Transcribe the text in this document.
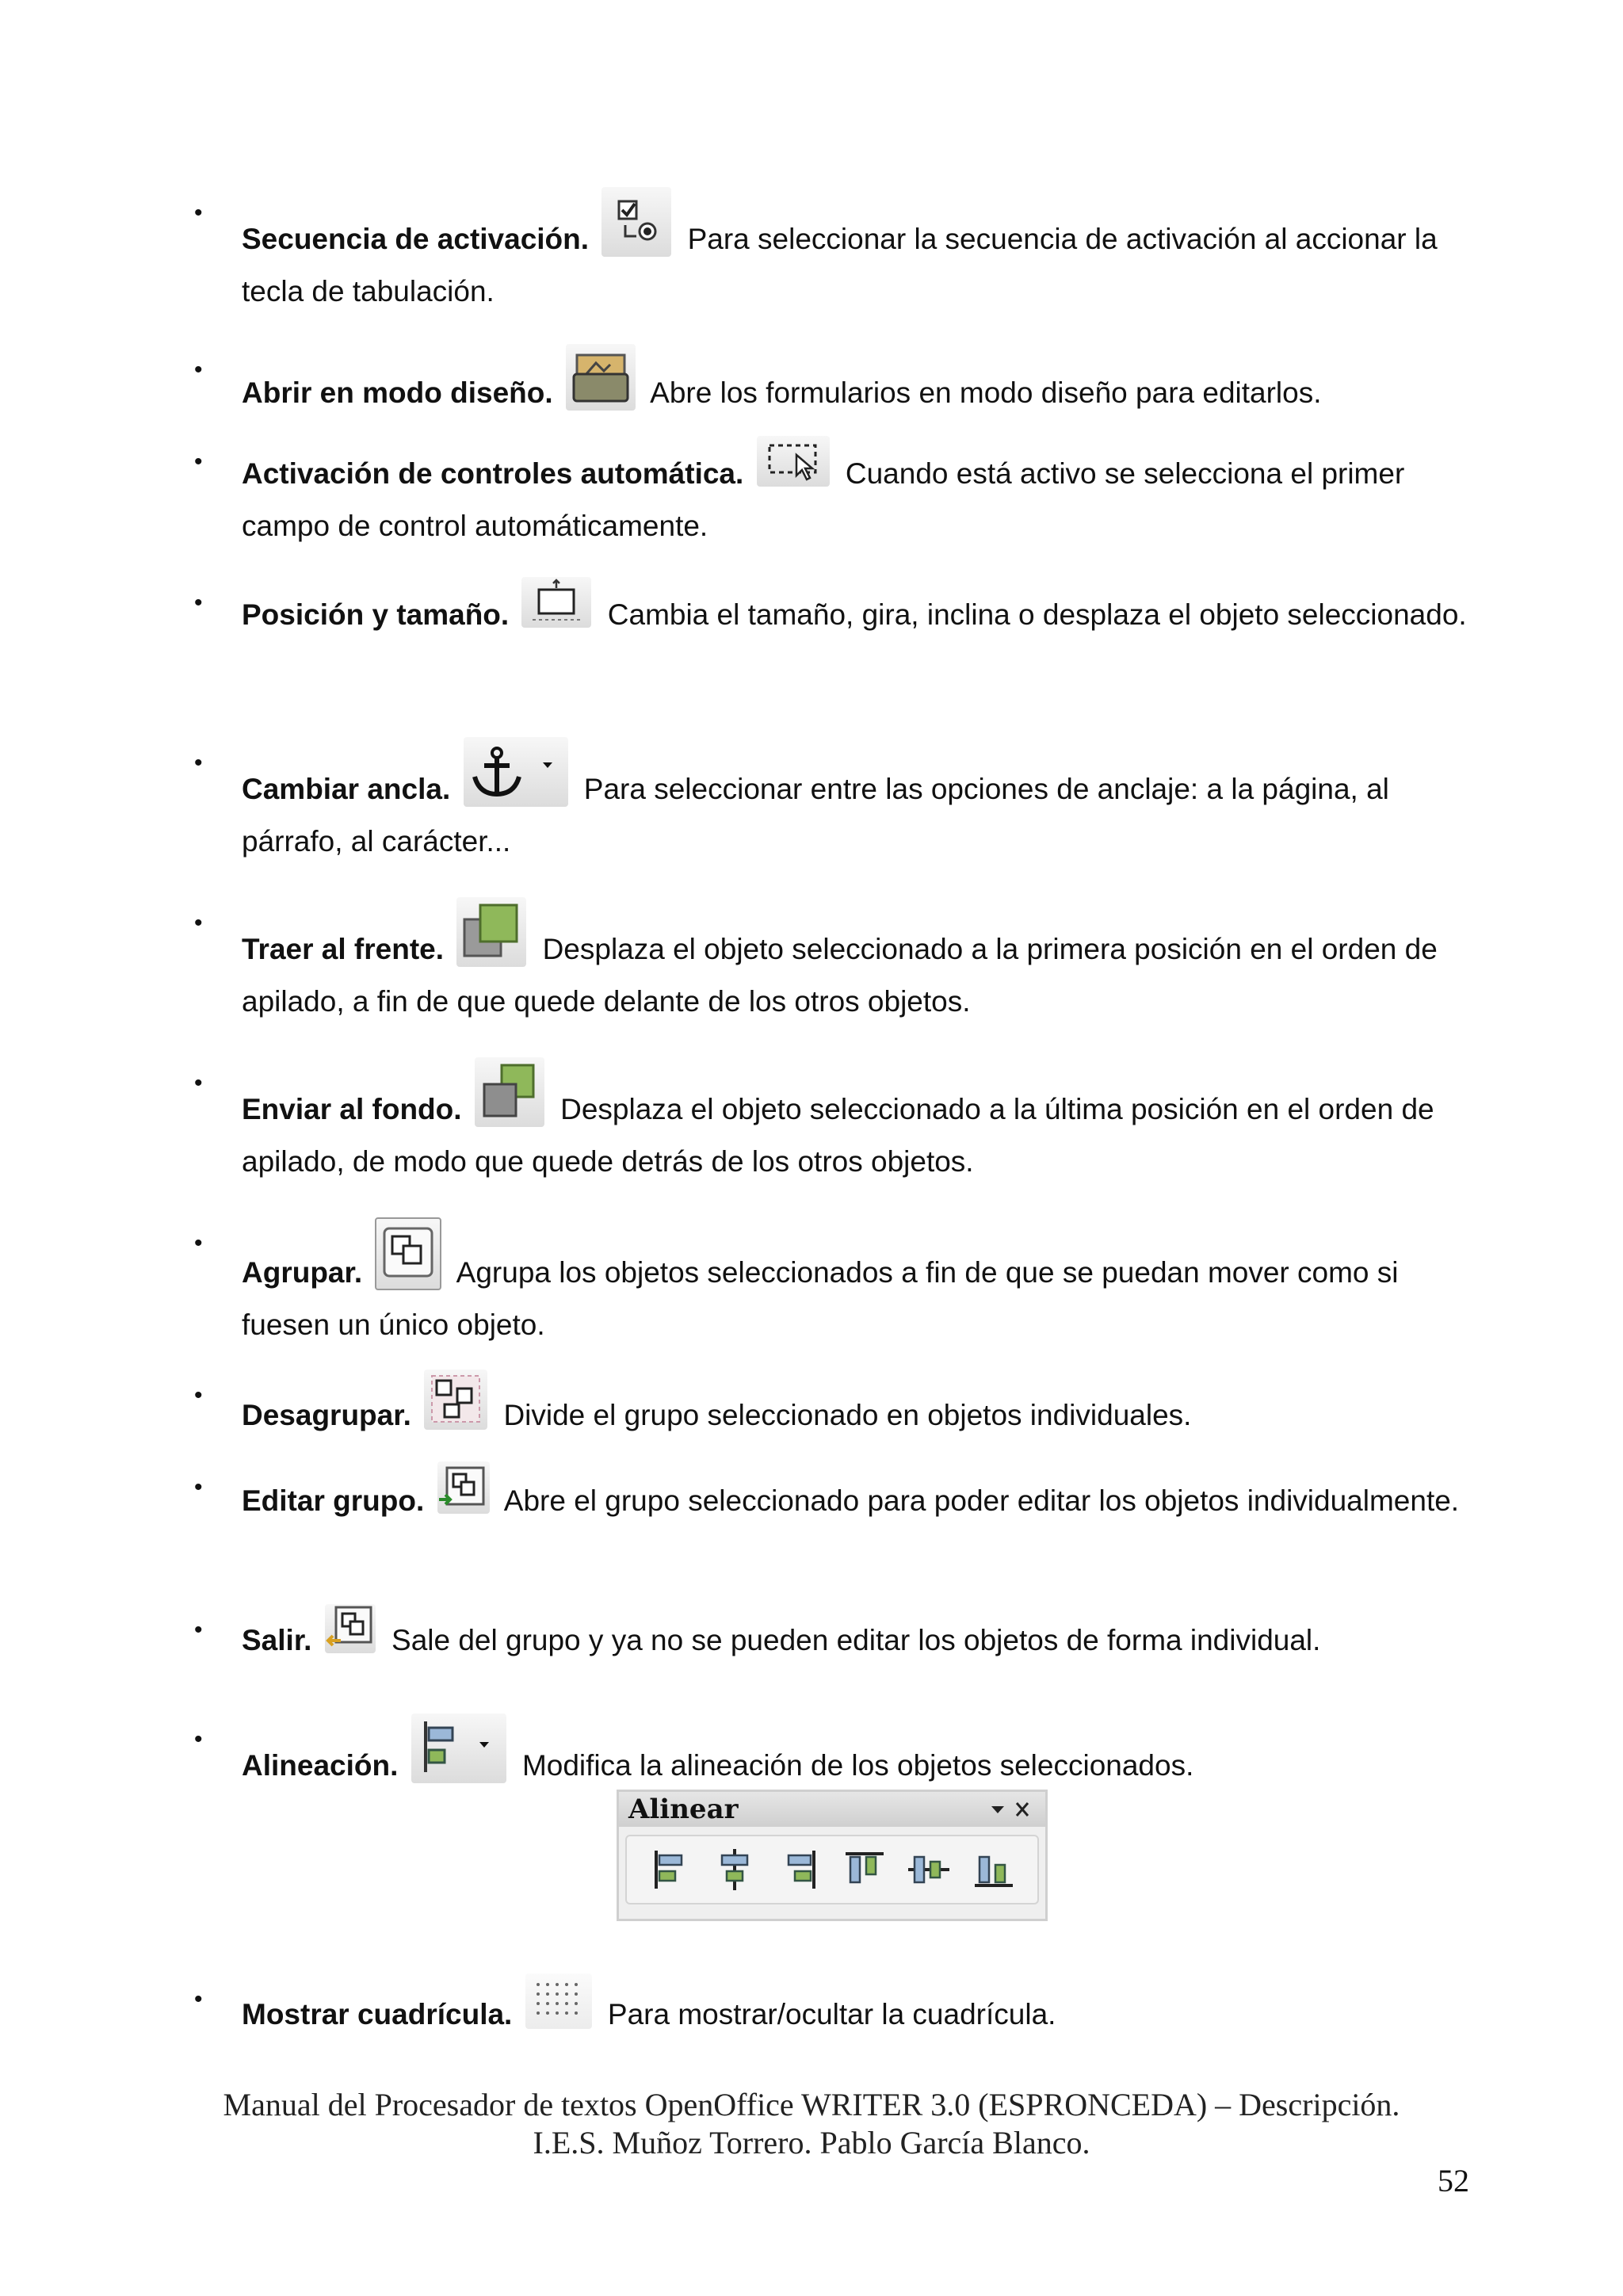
•
Secuencia de activación.	Para seleccionar la secuencia de activación al accionar la tecla de tabulación.
•
Abrir en modo diseño.	Abre los formularios en modo diseño para editarlos.
• Activación de controles automática.	Cuando está activo se selecciona el primer campo de control automáticamente.
• Posición y tamaño.	Cambia el tamaño, gira, inclina o desplaza el objeto seleccionado.
•
Cambiar ancla.	Para seleccionar entre las opciones de anclaje: a la página, al párrafo, al carácter...
•
Traer al frente.	Desplaza el objeto seleccionado a la primera posición en el orden de apilado, a fin de que quede delante de los otros objetos.
•
Enviar al fondo.	Desplaza el objeto seleccionado a la última posición en el orden de apilado, de modo que quede detrás de los otros objetos.
•
Agrupar.	Agrupa los objetos seleccionados a fin de que se puedan mover como si fuesen un único objeto.
•
Desagrupar.	Divide el grupo seleccionado en objetos individuales.
• Editar grupo.	Abre el grupo seleccionado para poder editar los objetos individualmente.
• Salir.	Sale del grupo y ya no se pueden editar los objetos de forma individual.
•
Alineación.	Modifica la alineación de los objetos seleccionados.
Alinear
• Mostrar cuadrícula.	Para mostrar/ocultar la cuadrícula.
Manual del Procesador de textos OpenOffice WRITER 3.0 (ESPRONCEDA) – Descripción.
I.E.S. Muñoz Torrero. Pablo García Blanco.
52
